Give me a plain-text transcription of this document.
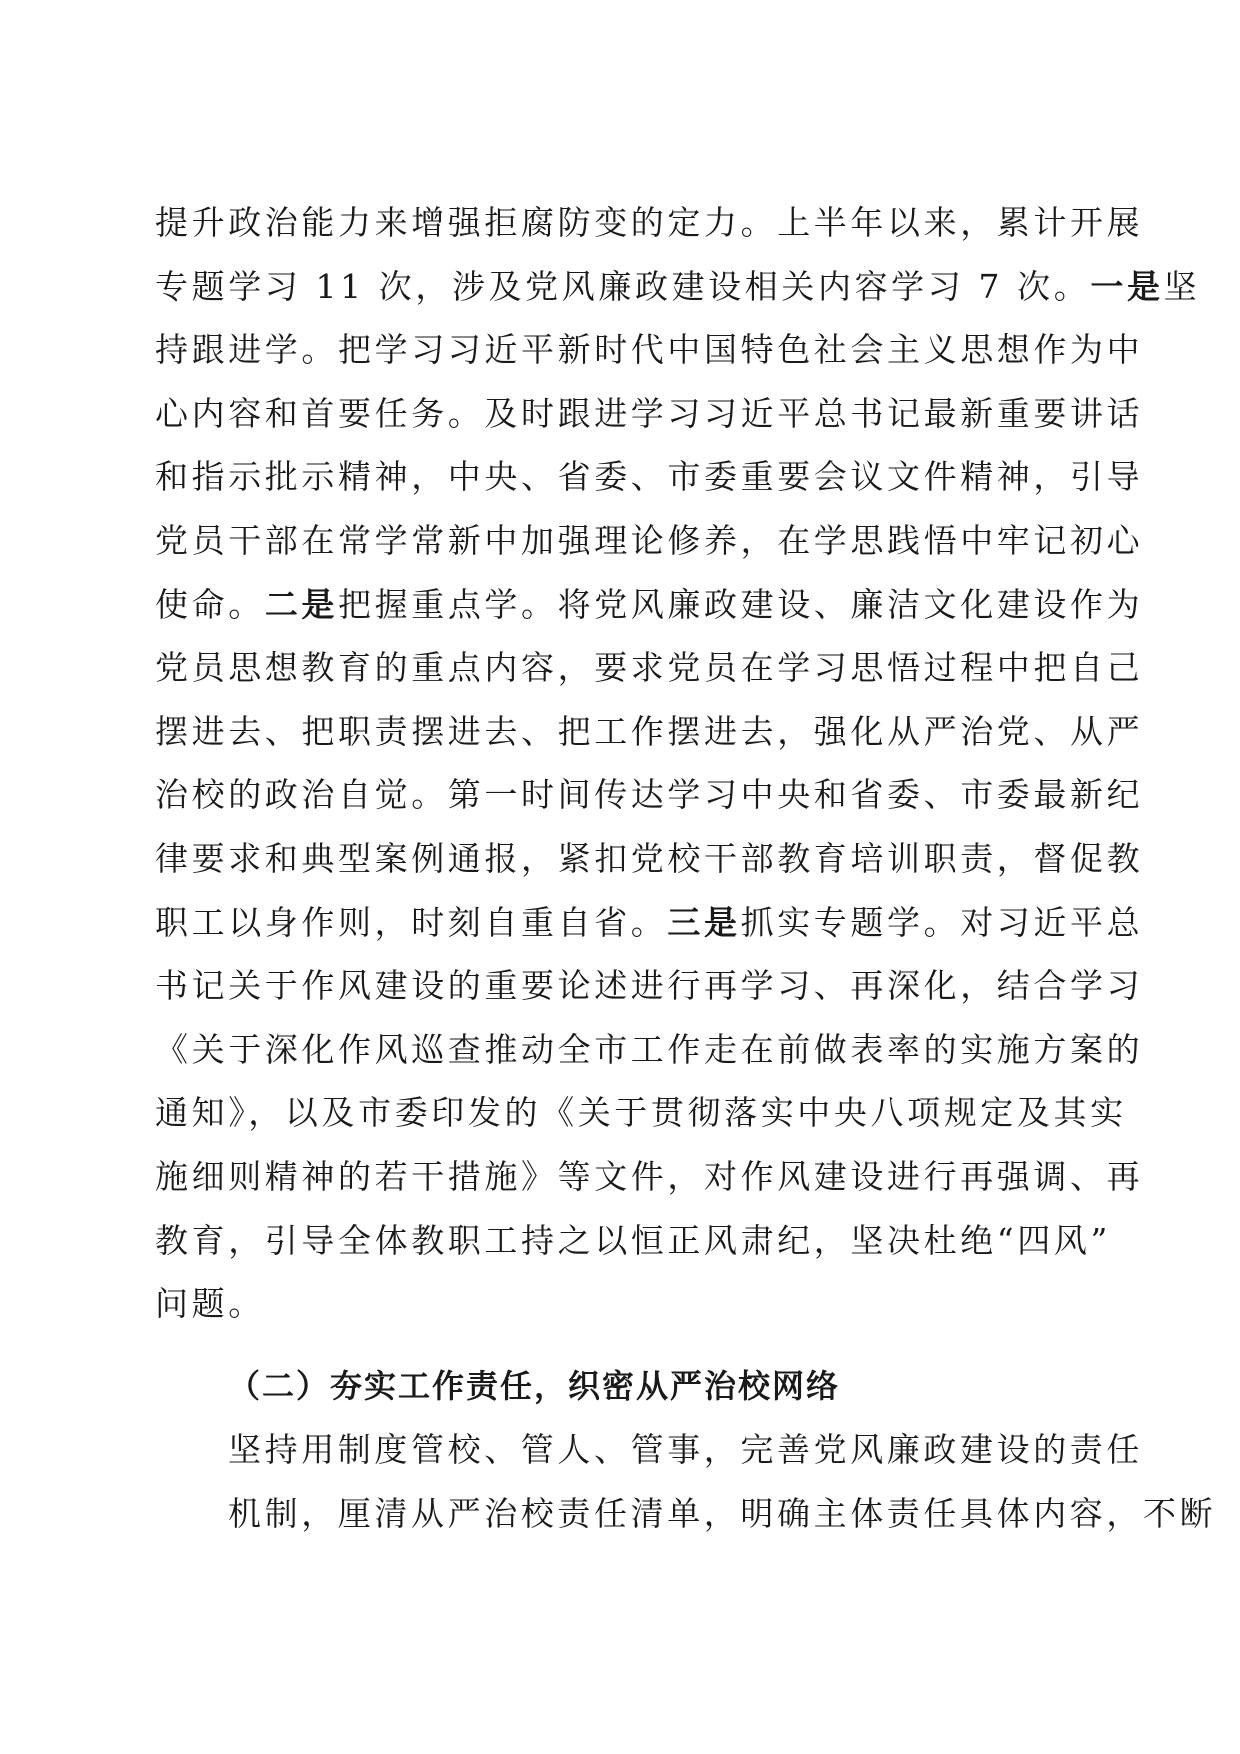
提升政治能力来增强拒腐防变的定力。上半年以来，累计开展
专题学习 11 次，涉及党风廉政建设相关内容学习 7 次。一是坚
持跟进学。把学习习近平新时代中国特色社会主义思想作为中
心内容和首要任务。及时跟进学习习近平总书记最新重要讲话
和指示批示精神，中央、省委、市委重要会议文件精神，引导
党员干部在常学常新中加强理论修养，在学思践悟中牢记初心
使命。二是把握重点学。将党风廉政建设、廉洁文化建设作为
党员思想教育的重点内容，要求党员在学习思悟过程中把自己
摆进去、把职责摆进去、把工作摆进去，强化从严治党、从严
治校的政治自觉。第一时间传达学习中央和省委、市委最新纪
律要求和典型案例通报，紧扣党校干部教育培训职责，督促教
职工以身作则，时刻自重自省。三是抓实专题学。对习近平总
书记关于作风建设的重要论述进行再学习、再深化，结合学习
《关于深化作风巡查推动全市工作走在前做表率的实施方案的
通知》，以及市委印发的《关于贯彻落实中央八项规定及其实
施细则精神的若干措施》等文件，对作风建设进行再强调、再
教育，引导全体教职工持之以恒正风肃纪，坚决杜绝“四风”
问题。
（二）夯实工作责任，织密从严治校网络
坚持用制度管校、管人、管事，完善党风廉政建设的责任
机制，厘清从严治校责任清单，明确主体责任具体内容，不断
